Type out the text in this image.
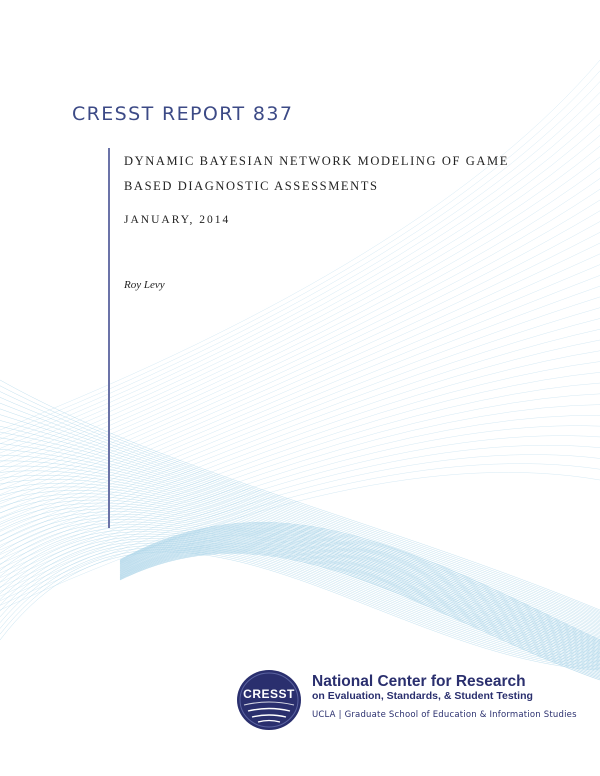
CRESST REPORT 837
DYNAMIC BAYESIAN NETWORK MODELING OF GAME
BASED DIAGNOSTIC ASSESSMENTS
JANUARY, 2014
Roy Levy
CRESST
National Center for Research
on Evaluation, Standards, & Student Testing
UCLA | Graduate School of Education & Information Studies
